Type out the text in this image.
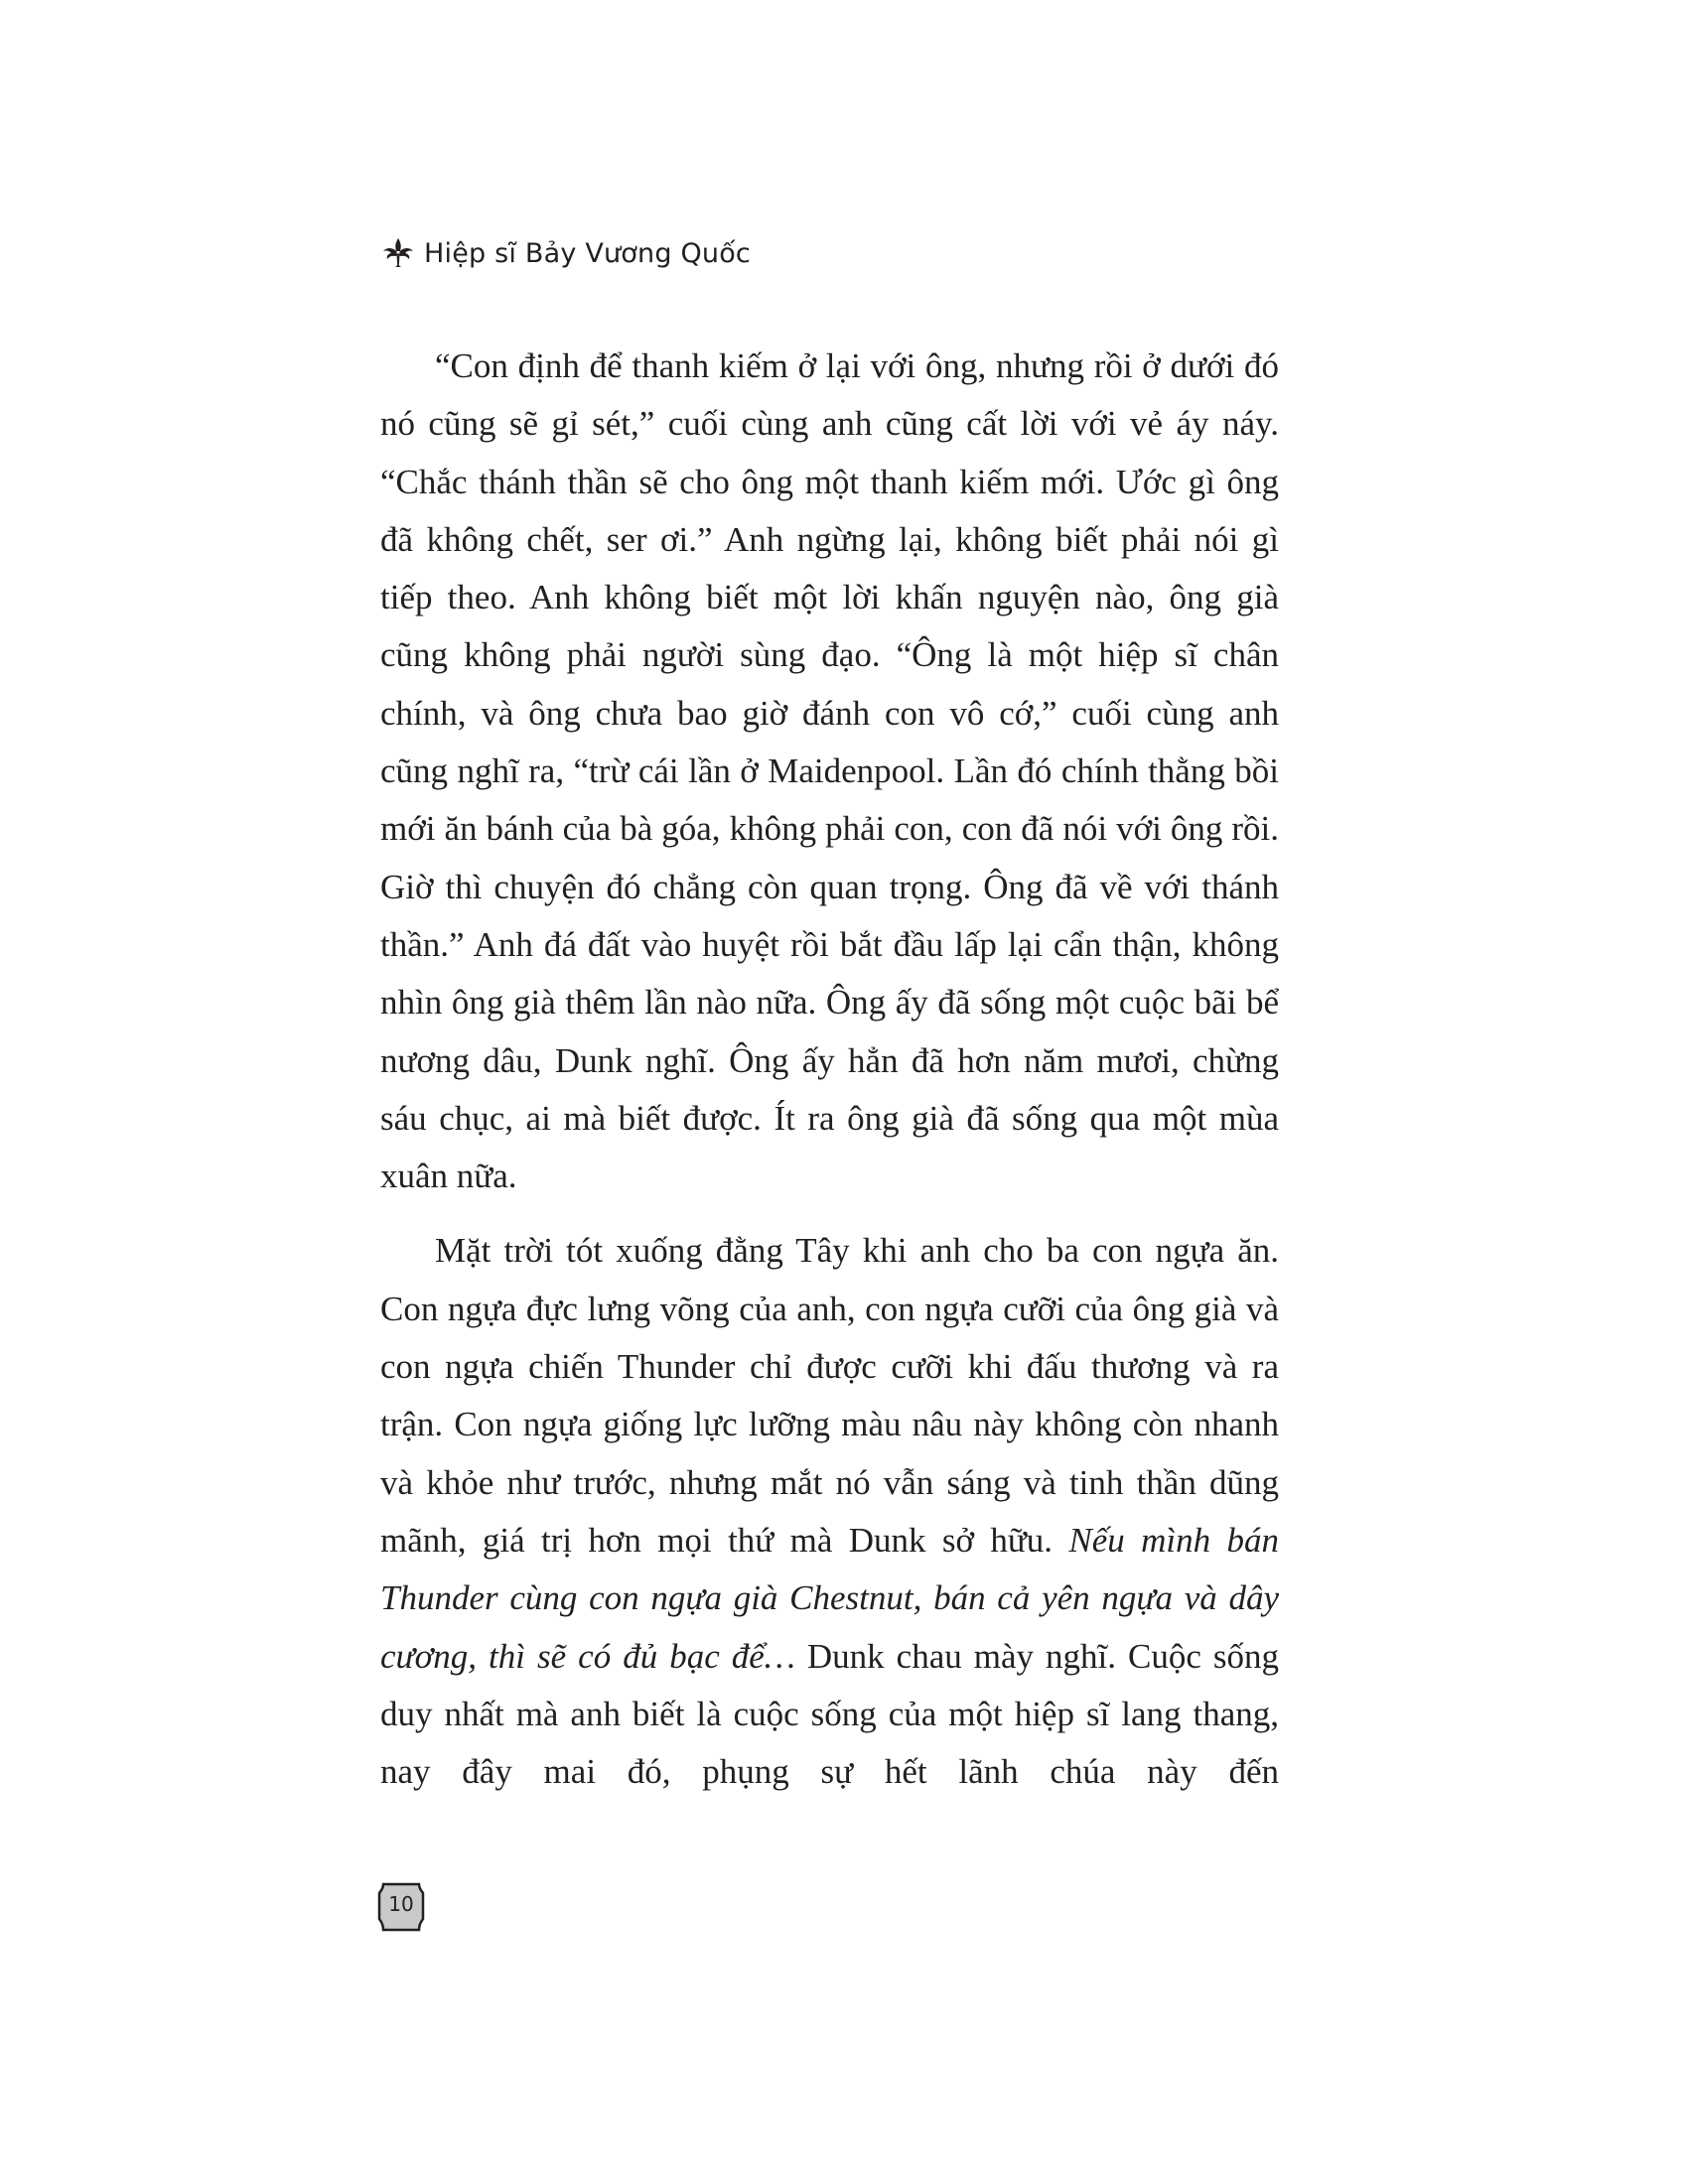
Hiệp sĩ Bảy Vương Quốc

“Con định để thanh kiếm ở lại với ông, nhưng rồi ở dưới đó nó cũng sẽ gỉ sét,” cuối cùng anh cũng cất lời với vẻ áy náy. “Chắc thánh thần sẽ cho ông một thanh kiếm mới. Ước gì ông đã không chết, ser ơi.” Anh ngừng lại, không biết phải nói gì tiếp theo. Anh không biết một lời khấn nguyện nào, ông già cũng không phải người sùng đạo. “Ông là một hiệp sĩ chân chính, và ông chưa bao giờ đánh con vô cớ,” cuối cùng anh cũng nghĩ ra, “trừ cái lần ở Maidenpool. Lần đó chính thằng bồi mới ăn bánh của bà góa, không phải con, con đã nói với ông rồi. Giờ thì chuyện đó chẳng còn quan trọng. Ông đã về với thánh thần.” Anh đá đất vào huyệt rồi bắt đầu lấp lại cẩn thận, không nhìn ông già thêm lần nào nữa. Ông ấy đã sống một cuộc bãi bể nương dâu, Dunk nghĩ. Ông ấy hẳn đã hơn năm mươi, chừng sáu chục, ai mà biết được. Ít ra ông già đã sống qua một mùa xuân nữa.

Mặt trời tót xuống đằng Tây khi anh cho ba con ngựa ăn. Con ngựa đực lưng võng của anh, con ngựa cưỡi của ông già và con ngựa chiến Thunder chỉ được cưỡi khi đấu thương và ra trận. Con ngựa giống lực lưỡng màu nâu này không còn nhanh và khỏe như trước, nhưng mắt nó vẫn sáng và tinh thần dũng mãnh, giá trị hơn mọi thứ mà Dunk sở hữu. Nếu mình bán Thunder cùng con ngựa già Chestnut, bán cả yên ngựa và dây cương, thì sẽ có đủ bạc để… Dunk chau mày nghĩ. Cuộc sống duy nhất mà anh biết là cuộc sống của một hiệp sĩ lang thang, nay đây mai đó, phụng sự hết lãnh chúa này đến

10
